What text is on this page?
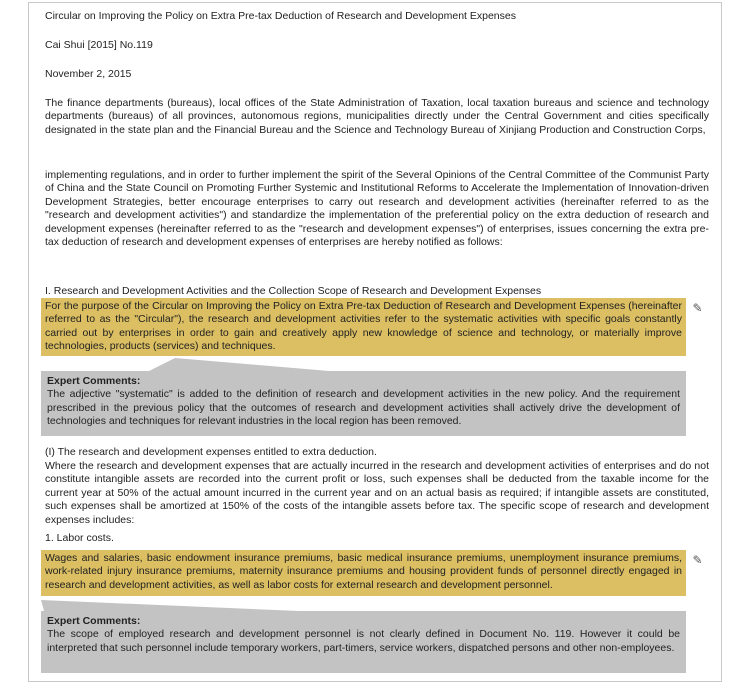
Circular on Improving the Policy on Extra Pre-tax Deduction of Research and Development Expenses

Cai Shui [2015] No.119

November 2, 2015

The finance departments (bureaus), local offices of the State Administration of Taxation, local taxation bureaus and science and technology departments (bureaus) of all provinces, autonomous regions, municipalities directly under the Central Government and cities specifically designated in the state plan and the Financial Bureau and the Science and Technology Bureau of Xinjiang Production and Construction Corps,

implementing regulations, and in order to further implement the spirit of the Several Opinions of the Central Committee of the Communist Party of China and the State Council on Promoting Further Systemic and Institutional Reforms to Accelerate the Implementation of Innovation-driven Development Strategies, better encourage enterprises to carry out research and development activities (hereinafter referred to as the "research and development activities") and standardize the implementation of the preferential policy on the extra deduction of research and development expenses (hereinafter referred to as the "research and development expenses") of enterprises, issues concerning the extra pre-tax deduction of research and development expenses of enterprises are hereby notified as follows:

I. Research and Development Activities and the Collection Scope of Research and Development Expenses

For the purpose of the Circular on Improving the Policy on Extra Pre-tax Deduction of Research and Development Expenses (hereinafter referred to as the "Circular"), the research and development activities refer to the systematic activities with specific goals constantly carried out by enterprises in order to gain and creatively apply new knowledge of science and technology, or materially improve technologies, products (services) and techniques.
✎
Expert Comments:
The adjective "systematic" is added to the definition of research and development activities in the new policy. And the requirement prescribed in the previous policy that the outcomes of research and development activities shall actively drive the development of technologies and techniques for relevant industries in the local region has been removed.

(I) The research and development expenses entitled to extra deduction.

Where the research and development expenses that are actually incurred in the research and development activities of enterprises and do not constitute intangible assets are recorded into the current profit or loss, such expenses shall be deducted from the taxable income for the current year at 50% of the actual amount incurred in the current year and on an actual basis as required; if intangible assets are constituted, such expenses shall be amortized at 150% of the costs of the intangible assets before tax. The specific scope of research and development expenses includes:

1. Labor costs.

Wages and salaries, basic endowment insurance premiums, basic medical insurance premiums, unemployment insurance premiums, work-related injury insurance premiums, maternity insurance premiums and housing provident funds of personnel directly engaged in research and development activities, as well as labor costs for external research and development personnel.
✎
Expert Comments:
The scope of employed research and development personnel is not clearly defined in Document No. 119. However it could be interpreted that such personnel include temporary workers, part-timers, service workers, dispatched persons and other non-employees.
